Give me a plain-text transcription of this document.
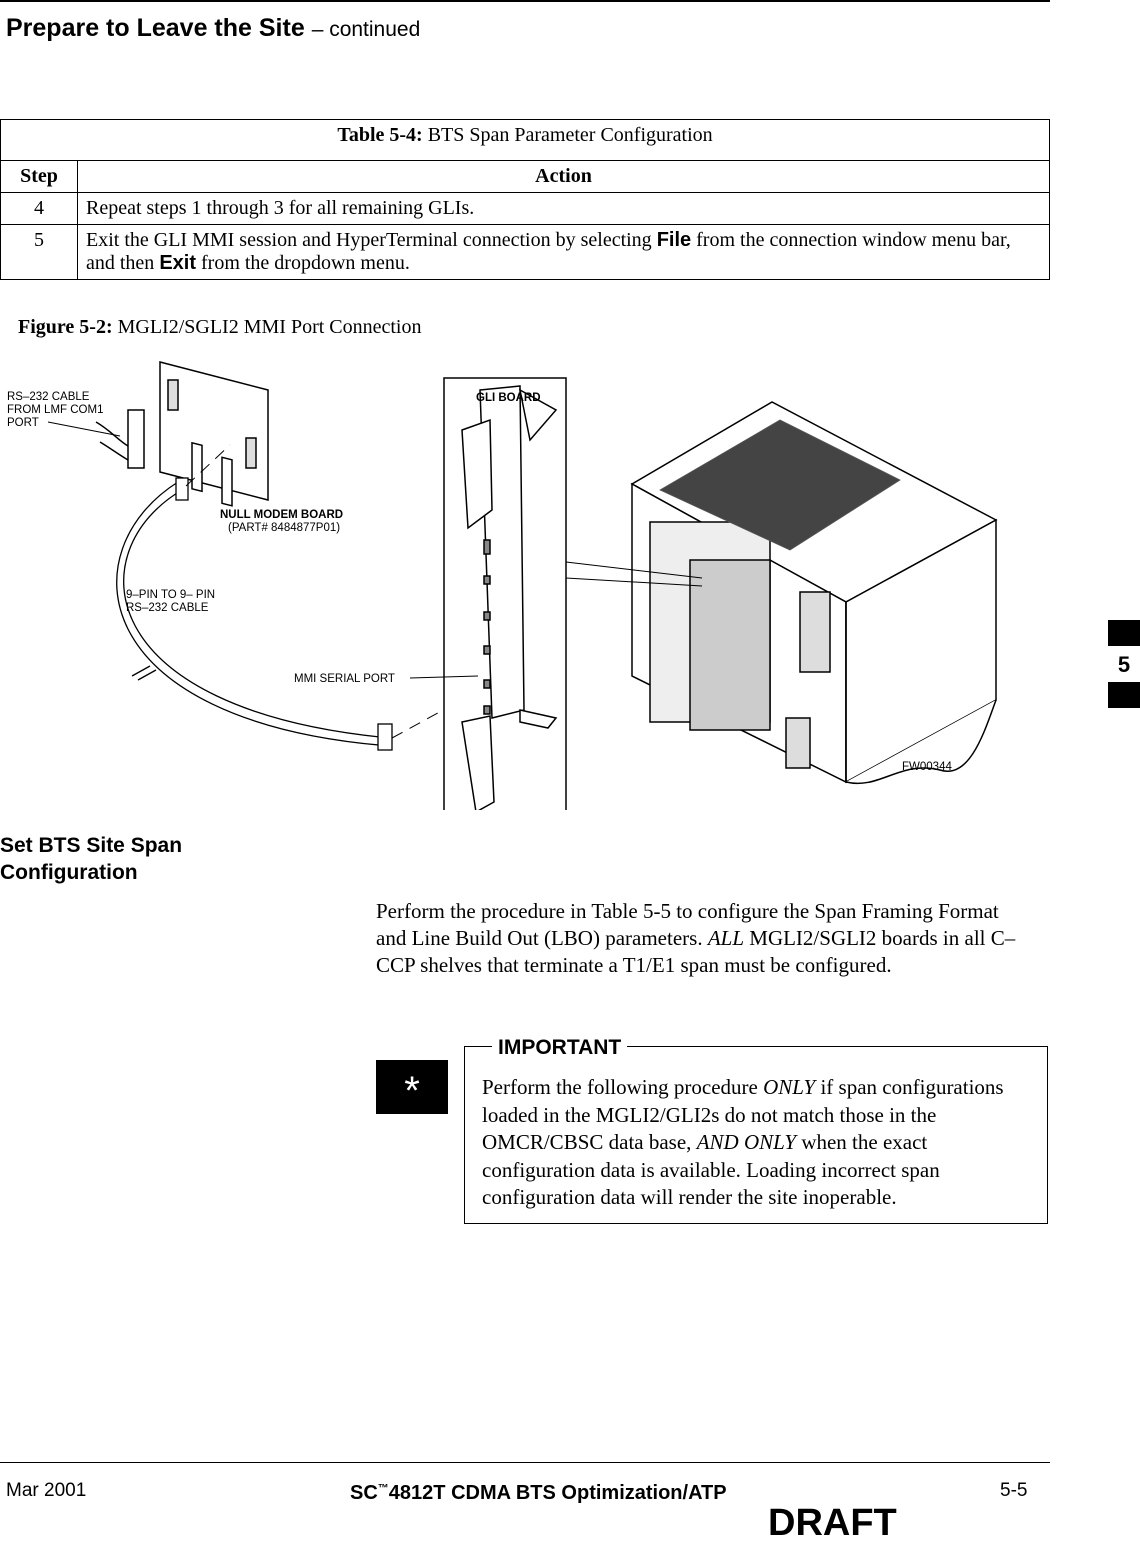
Prepare to Leave the Site – continued
Table 5-4: BTS Span Parameter Configuration	
Step	Action
4	Repeat steps 1 through 3 for all remaining GLIs.
5	Exit the GLI MMI session and HyperTerminal connection by selecting File from the connection window menu bar, and then Exit from the dropdown menu.
Figure 5-2: MGLI2/SGLI2 MMI Port Connection
RS–232 CABLE
FROM LMF COM1
PORT
GLI BOARD
NULL MODEM BOARD
(PART# 8484877P01)
9–PIN TO 9– PIN
RS–232 CABLE
MMI SERIAL PORT
FW00344
Set BTS Site Span
Configuration
Perform the procedure in Table 5-5 to configure the Span Framing Format and Line Build Out (LBO) parameters. ALL MGLI2/SGLI2 boards in all C–CCP shelves that terminate a T1/E1 span must be configured.
IMPORTANT
*	Perform the following procedure ONLY if span configurations loaded in the MGLI2/GLI2s do not match those in the OMCR/CBSC data base, AND ONLY when the exact configuration data is available. Loading incorrect span configuration data will render the site inoperable.
5
Mar 2001	SC™4812T CDMA BTS Optimization/ATP	5-5
DRAFT
